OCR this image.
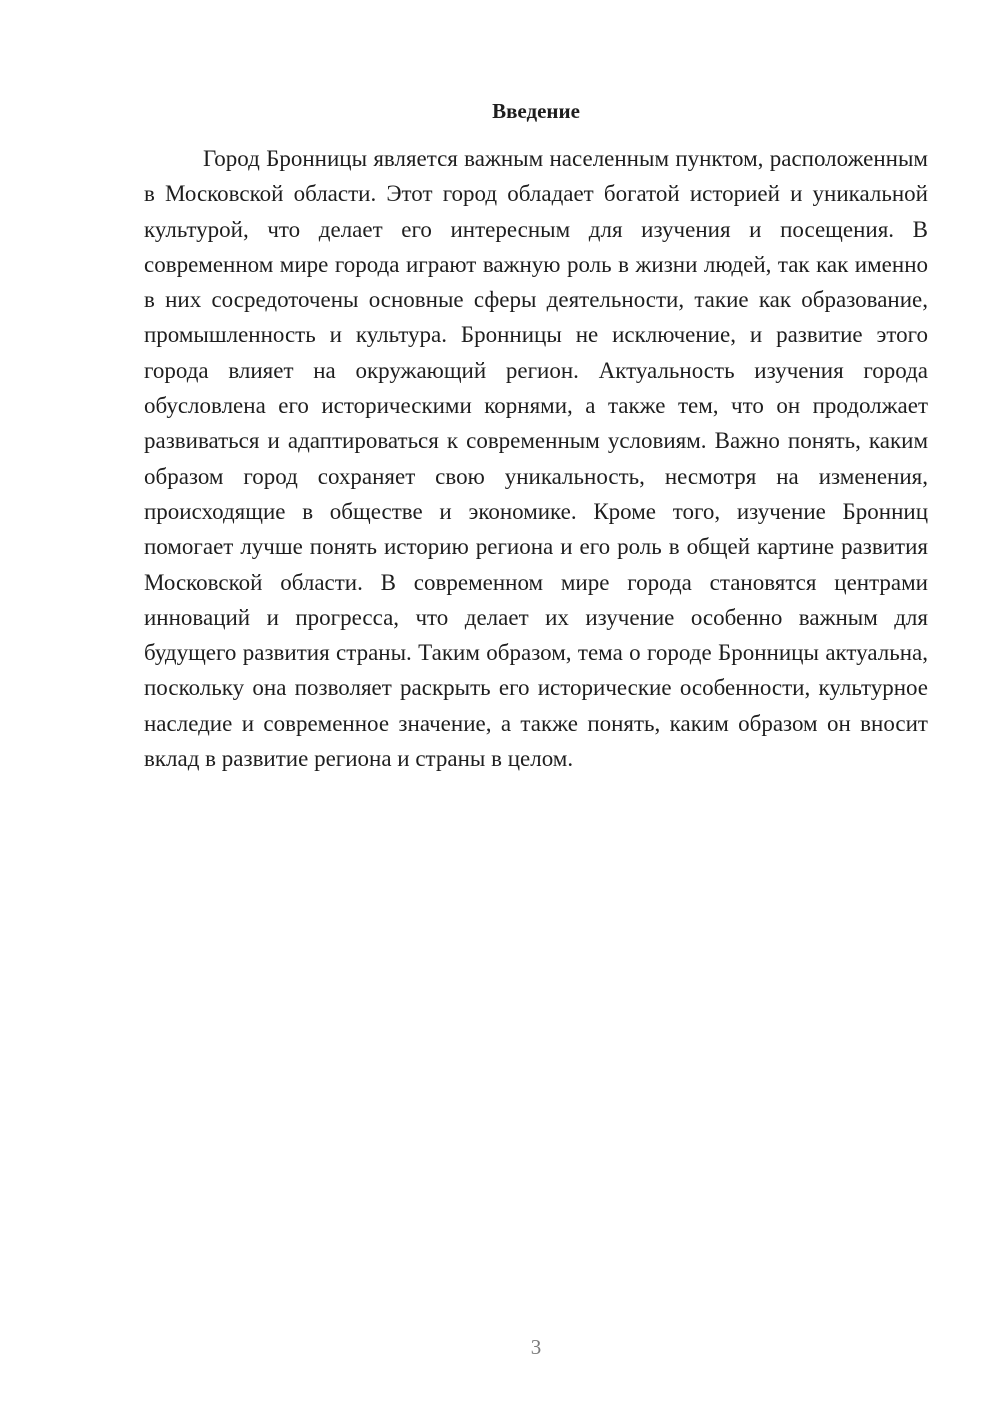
Введение

Город Бронницы является важным населенным пунктом, расположенным в Московской области. Этот город обладает богатой историей и уникальной культурой, что делает его интересным для изучения и посещения. В современном мире города играют важную роль в жизни людей, так как именно в них сосредоточены основные сферы деятельности, такие как образование, промышленность и культура. Бронницы не исключение, и развитие этого города влияет на окружающий регион. Актуальность изучения города обусловлена его историческими корнями, а также тем, что он продолжает развиваться и адаптироваться к современным условиям. Важно понять, каким образом город сохраняет свою уникальность, несмотря на изменения, происходящие в обществе и экономике. Кроме того, изучение Бронниц помогает лучше понять историю региона и его роль в общей картине развития Московской области. В современном мире города становятся центрами инноваций и прогресса, что делает их изучение особенно важным для будущего развития страны. Таким образом, тема о городе Бронницы актуальна, поскольку она позволяет раскрыть его исторические особенности, культурное наследие и современное значение, а также понять, каким образом он вносит вклад в развитие региона и страны в целом.

3
